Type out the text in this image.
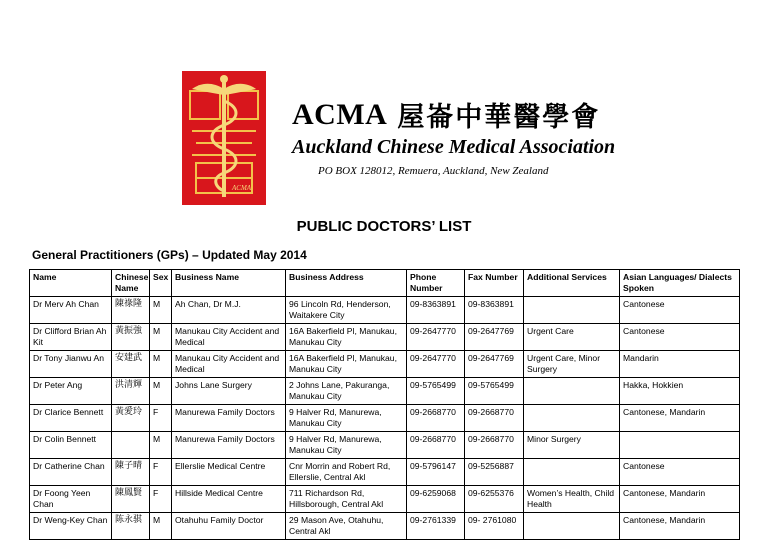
ACMA
ACMA 屋崙中華醫學會
Auckland Chinese Medical Association
PO BOX 128012, Remuera, Auckland, New Zealand
PUBLIC DOCTORS’ LIST
General Practitioners (GPs) – Updated May 2014
Name	Chinese Name	Sex	Business Name	Business Address	Phone Number	Fax Number	Additional Services	Asian Languages/ Dialects Spoken
Dr Merv Ah Chan	陳祿隆	M	Ah Chan, Dr M.J.	96 Lincoln Rd, Henderson, Waitakere City	09-8363891	09-8363891		Cantonese
Dr Clifford Brian Ah Kit	黃振強	M	Manukau City Accident and Medical	16A Bakerfield Pl, Manukau, Manukau City	09-2647770	09-2647769	Urgent Care	Cantonese
Dr Tony Jianwu An	安建武	M	Manukau City Accident and Medical	16A Bakerfield Pl, Manukau, Manukau City	09-2647770	09-2647769	Urgent Care, Minor Surgery	Mandarin
Dr Peter Ang	洪清輝	M	Johns Lane Surgery	2 Johns Lane, Pakuranga, Manukau City	09-5765499	09-5765499		Hakka, Hokkien
Dr Clarice Bennett	黃愛玲	F	Manurewa Family Doctors	9 Halver Rd, Manurewa, Manukau City	09-2668770	09-2668770		Cantonese, Mandarin
Dr Colin Bennett		M	Manurewa Family Doctors	9 Halver Rd, Manurewa, Manukau City	09-2668770	09-2668770	Minor Surgery	
Dr Catherine Chan	陳子晴	F	Ellerslie Medical Centre	Cnr Morrin and Robert Rd, Ellerslie, Central Akl	09-5796147	09-5256887		Cantonese
Dr Foong Yeen Chan	陳鳳賢	F	Hillside Medical Centre	711 Richardson Rd, Hillsborough, Central Akl	09-6259068	09-6255376	Women’s Health, Child Health	Cantonese, Mandarin
Dr Weng-Key Chan	陈永骐	M	Otahuhu Family Doctor	29 Mason Ave, Otahuhu, Central Akl	09-2761339	09- 2761080		Cantonese, Mandarin
